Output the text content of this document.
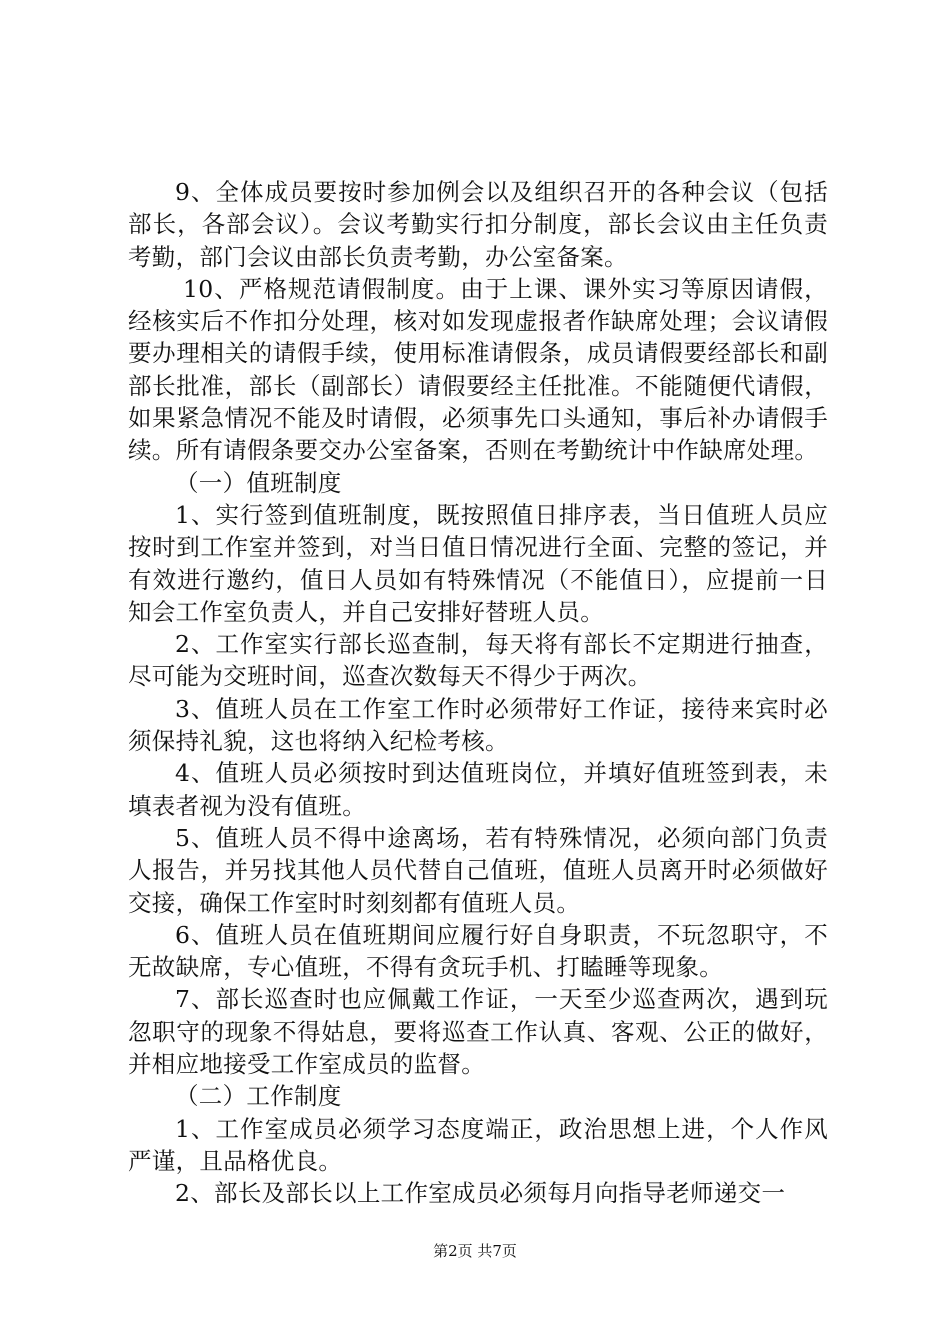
9、全体成员要按时参加例会以及组织召开的各种会议（包括部长，各部会议）。会议考勤实行扣分制度，部长会议由主任负责考勤，部门会议由部长负责考勤，办公室备案。

10、严格规范请假制度。由于上课、课外实习等原因请假，经核实后不作扣分处理，核对如发现虚报者作缺席处理；会议请假要办理相关的请假手续，使用标准请假条，成员请假要经部长和副部长批准，部长（副部长）请假要经主任批准。不能随便代请假，如果紧急情况不能及时请假，必须事先口头通知，事后补办请假手续。所有请假条要交办公室备案，否则在考勤统计中作缺席处理。

（一）值班制度

1、实行签到值班制度，既按照值日排序表，当日值班人员应按时到工作室并签到，对当日值日情况进行全面、完整的签记，并有效进行邀约，值日人员如有特殊情况（不能值日），应提前一日知会工作室负责人，并自己安排好替班人员。

2、工作室实行部长巡查制，每天将有部长不定期进行抽查，尽可能为交班时间，巡查次数每天不得少于两次。

3、值班人员在工作室工作时必须带好工作证，接待来宾时必须保持礼貌，这也将纳入纪检考核。

4、值班人员必须按时到达值班岗位，并填好值班签到表，未填表者视为没有值班。

5、值班人员不得中途离场，若有特殊情况，必须向部门负责人报告，并另找其他人员代替自己值班，值班人员离开时必须做好交接，确保工作室时时刻刻都有值班人员。

6、值班人员在值班期间应履行好自身职责，不玩忽职守，不无故缺席，专心值班，不得有贪玩手机、打瞌睡等现象。

7、部长巡查时也应佩戴工作证，一天至少巡查两次，遇到玩忽职守的现象不得姑息，要将巡查工作认真、客观、公正的做好，并相应地接受工作室成员的监督。

（二）工作制度

1、工作室成员必须学习态度端正，政治思想上进，个人作风严谨，且品格优良。

2、部长及部长以上工作室成员必须每月向指导老师递交一

第2页 共7页
